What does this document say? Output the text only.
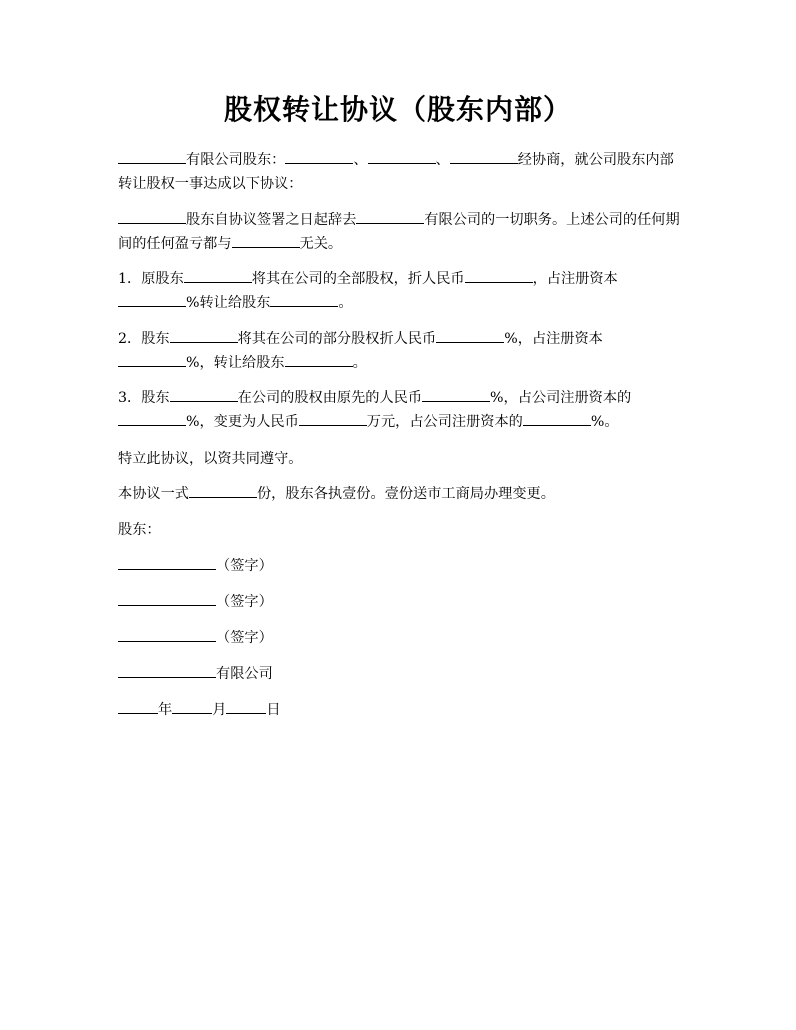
股权转让协议（股东内部）
有限公司股东：	、	、	经协商，就公司股东内部转让股权一事达成以下协议：
股东自协议签署之日起辞去	有限公司的一切职务。上述公司的任何期间的任何盈亏都与	无关。
1．原股东	将其在公司的全部股权，折人民币	，占注册资本
%转让给股东	。
2．股东	将其在公司的部分股权折人民币	%，占注册资本
%，转让给股东	。
3．股东	在公司的股权由原先的人民币	%，占公司注册资本的
%，变更为人民币	万元，占公司注册资本的	%。
特立此协议，以资共同遵守。
本协议一式	份，股东各执壹份。壹份送市工商局办理变更。
股东：
（签字）
（签字）
（签字）
有限公司
年	月	日
